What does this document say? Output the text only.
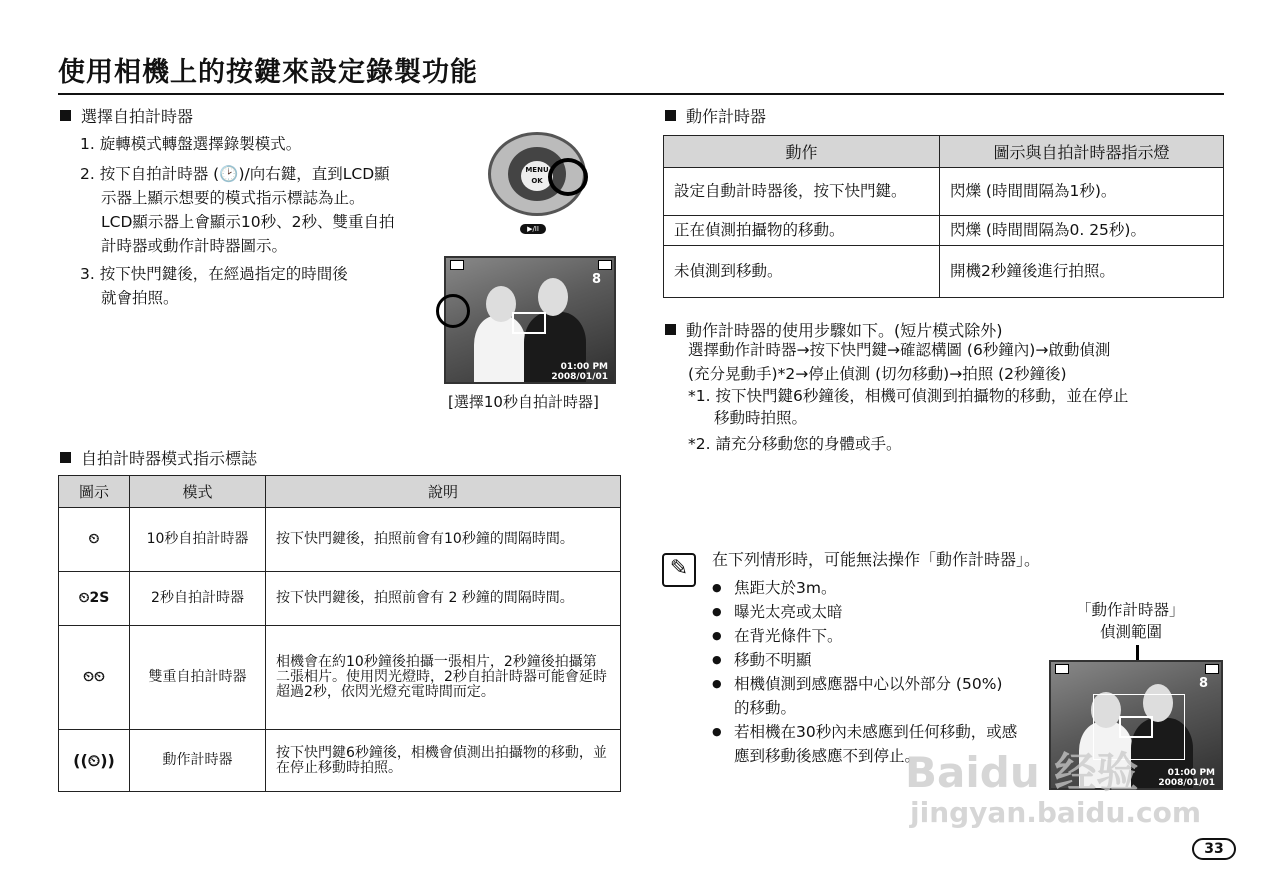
使用相機上的按鍵來設定錄製功能
選擇自拍計時器
1. 旋轉模式轉盤選擇錄製模式。
2. 按下自拍計時器 (🕑)/向右鍵，直到LCD顯
示器上顯示想要的模式指示標誌為止。
LCD顯示器上會顯示10秒、2秒、雙重自拍
計時器或動作計時器圖示。
3. 按下快門鍵後，在經過指定的時間後
就會拍照。
MENU OK
▶/II
8
01:00 PM
2008/01/01
[選擇10秒自拍計時器]
自拍計時器模式指示標誌
圖示	模式	說明
⏲	10秒自拍計時器	按下快門鍵後，拍照前會有10秒鐘的間隔時間。
⏲2S	2秒自拍計時器	按下快門鍵後，拍照前會有 2 秒鐘的間隔時間。
⏲⏲	雙重自拍計時器	相機會在約10秒鐘後拍攝一張相片，2秒鐘後拍攝第二張相片。使用閃光燈時，2秒自拍計時器可能會延時超過2秒，依閃光燈充電時間而定。
((⏲))	動作計時器	按下快門鍵6秒鐘後，相機會偵測出拍攝物的移動，並在停止移動時拍照。
動作計時器
動作	圖示與自拍計時器指示燈
設定自動計時器後，按下快門鍵。	閃爍 (時間間隔為1秒)。
正在偵測拍攝物的移動。	閃爍 (時間間隔為0. 25秒)。
未偵測到移動。	開機2秒鐘後進行拍照。
動作計時器的使用步驟如下。(短片模式除外)
選擇動作計時器→按下快門鍵→確認構圖 (6秒鐘內)→啟動偵測
(充分晃動手)*2→停止偵測 (切勿移動)→拍照 (2秒鐘後)
*1. 按下快門鍵6秒鐘後，相機可偵測到拍攝物的移動，並在停止
移動時拍照。
*2. 請充分移動您的身體或手。
✎	在下列情形時，可能無法操作「動作計時器」。
● 焦距大於3m。
● 曝光太亮或太暗
● 在背光條件下。
● 移動不明顯
● 相機偵測到感應器中心以外部分 (50%) 的移動。
● 若相機在30秒內未感應到任何移動，或感應到移動後感應不到停止。
「動作計時器」
偵測範圍
8
01:00 PM
2008/01/01
Baidu 经验
jingyan.baidu.com
33
